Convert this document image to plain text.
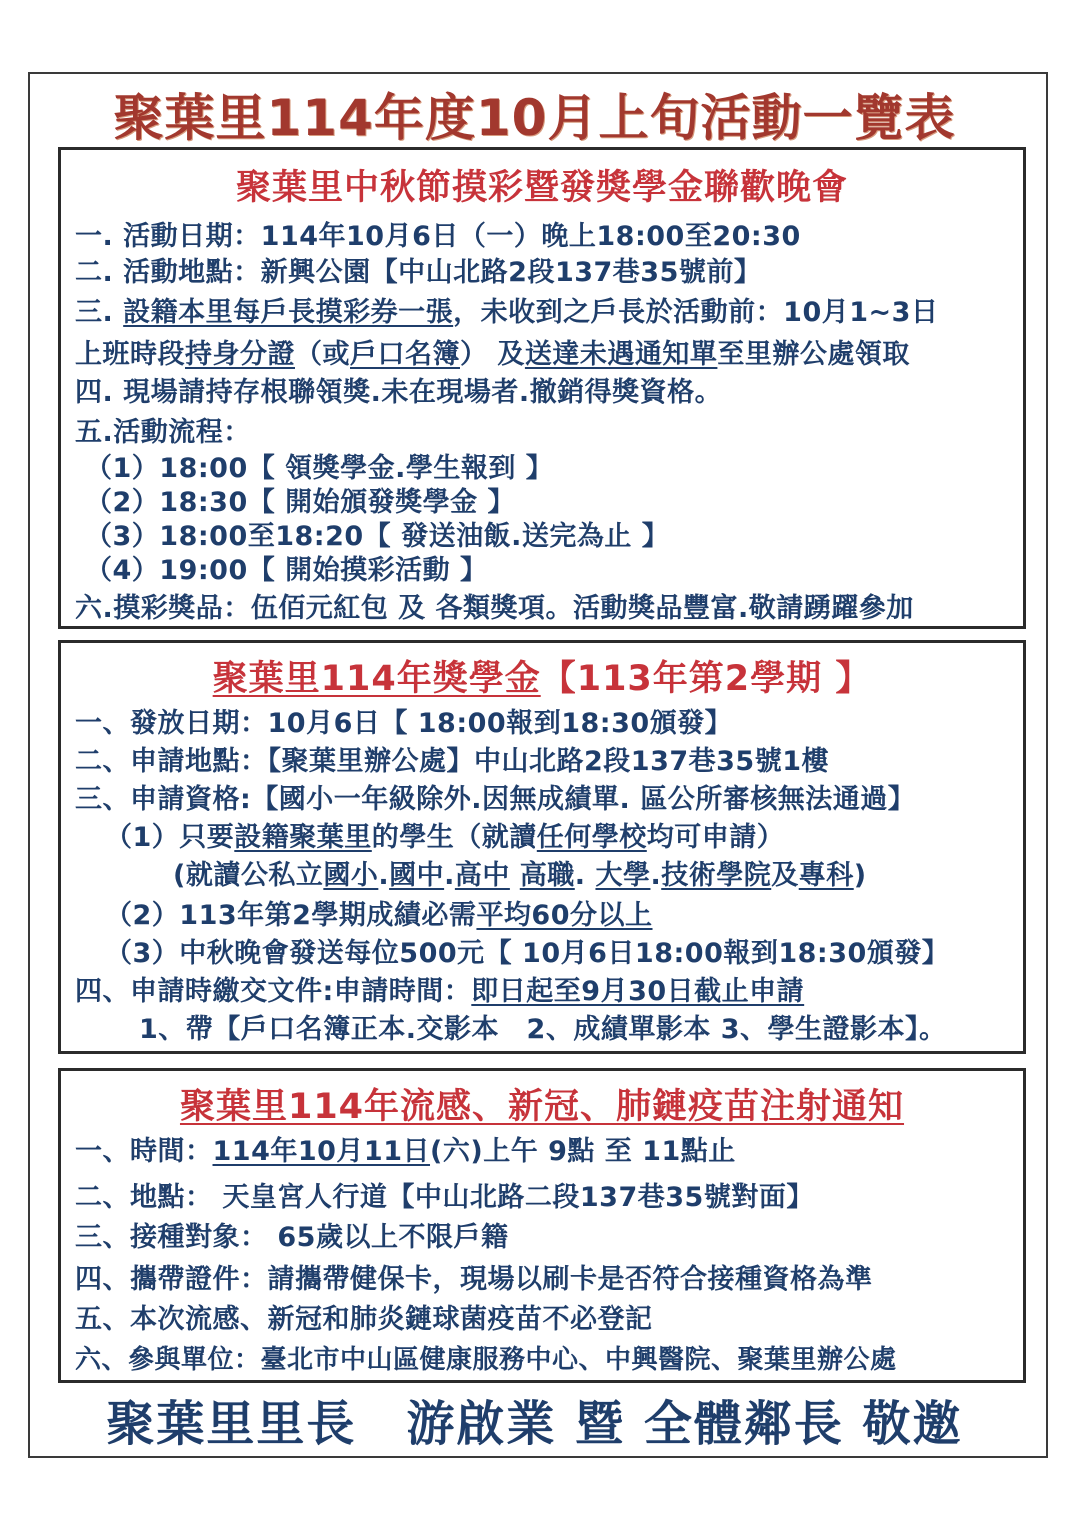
聚葉里114年度10月上旬活動一覽表
聚葉里中秋節摸彩暨發獎學金聯歡晚會
一. 活動日期：114年10月6日（一）晚上18:00至20:30
二. 活動地點：新興公園【中山北路2段137巷35號前】
三. 設籍本里每戶長摸彩券一張，未收到之戶長於活動前：10月1~3日
上班時段持身分證（或戶口名簿） 及送達未遇通知單至里辦公處領取
四. 現場請持存根聯領獎.未在現場者.撤銷得獎資格。
五.活動流程：
（1）18:00【 領獎學金.學生報到 】
（2）18:30【 開始頒發獎學金 】
（3）18:00至18:20【 發送油飯.送完為止 】
（4）19:00【 開始摸彩活動 】
六.摸彩獎品：伍佰元紅包 及 各類獎項。活動獎品豐富.敬請踴躍參加
聚葉里114年獎學金【113年第2學期 】
一、發放日期：10月6日【 18:00報到18:30頒發】
二、申請地點：【聚葉里辦公處】中山北路2段137巷35號1樓
三、申請資格:【國小一年級除外.因無成績單. 區公所審核無法通過】
（1）只要設籍聚葉里的學生（就讀任何學校均可申請）
(就讀公私立國小.國中.高中 高職. 大學.技術學院及專科)
（2）113年第2學期成績必需平均60分以上
（3）中秋晚會發送每位500元【 10月6日18:00報到18:30頒發】
四、申請時繳交文件:申請時間：即日起至9月30日截止申請
1、帶【戶口名簿正本.交影本　2、成績單影本 3、學生證影本】。
聚葉里114年流感、新冠、肺鏈疫苗注射通知
一、時間：114年10月11日(六)上午 9點 至 11點止
二、地點： 天皇宮人行道【中山北路二段137巷35號對面】
三、接種對象： 65歲以上不限戶籍
四、攜帶證件：請攜帶健保卡，現場以刷卡是否符合接種資格為準
五、本次流感、新冠和肺炎鏈球菌疫苗不必登記
六、參與單位：臺北市中山區健康服務中心、中興醫院、聚葉里辦公處
聚葉里里長　游啟業 暨 全體鄰長 敬邀
